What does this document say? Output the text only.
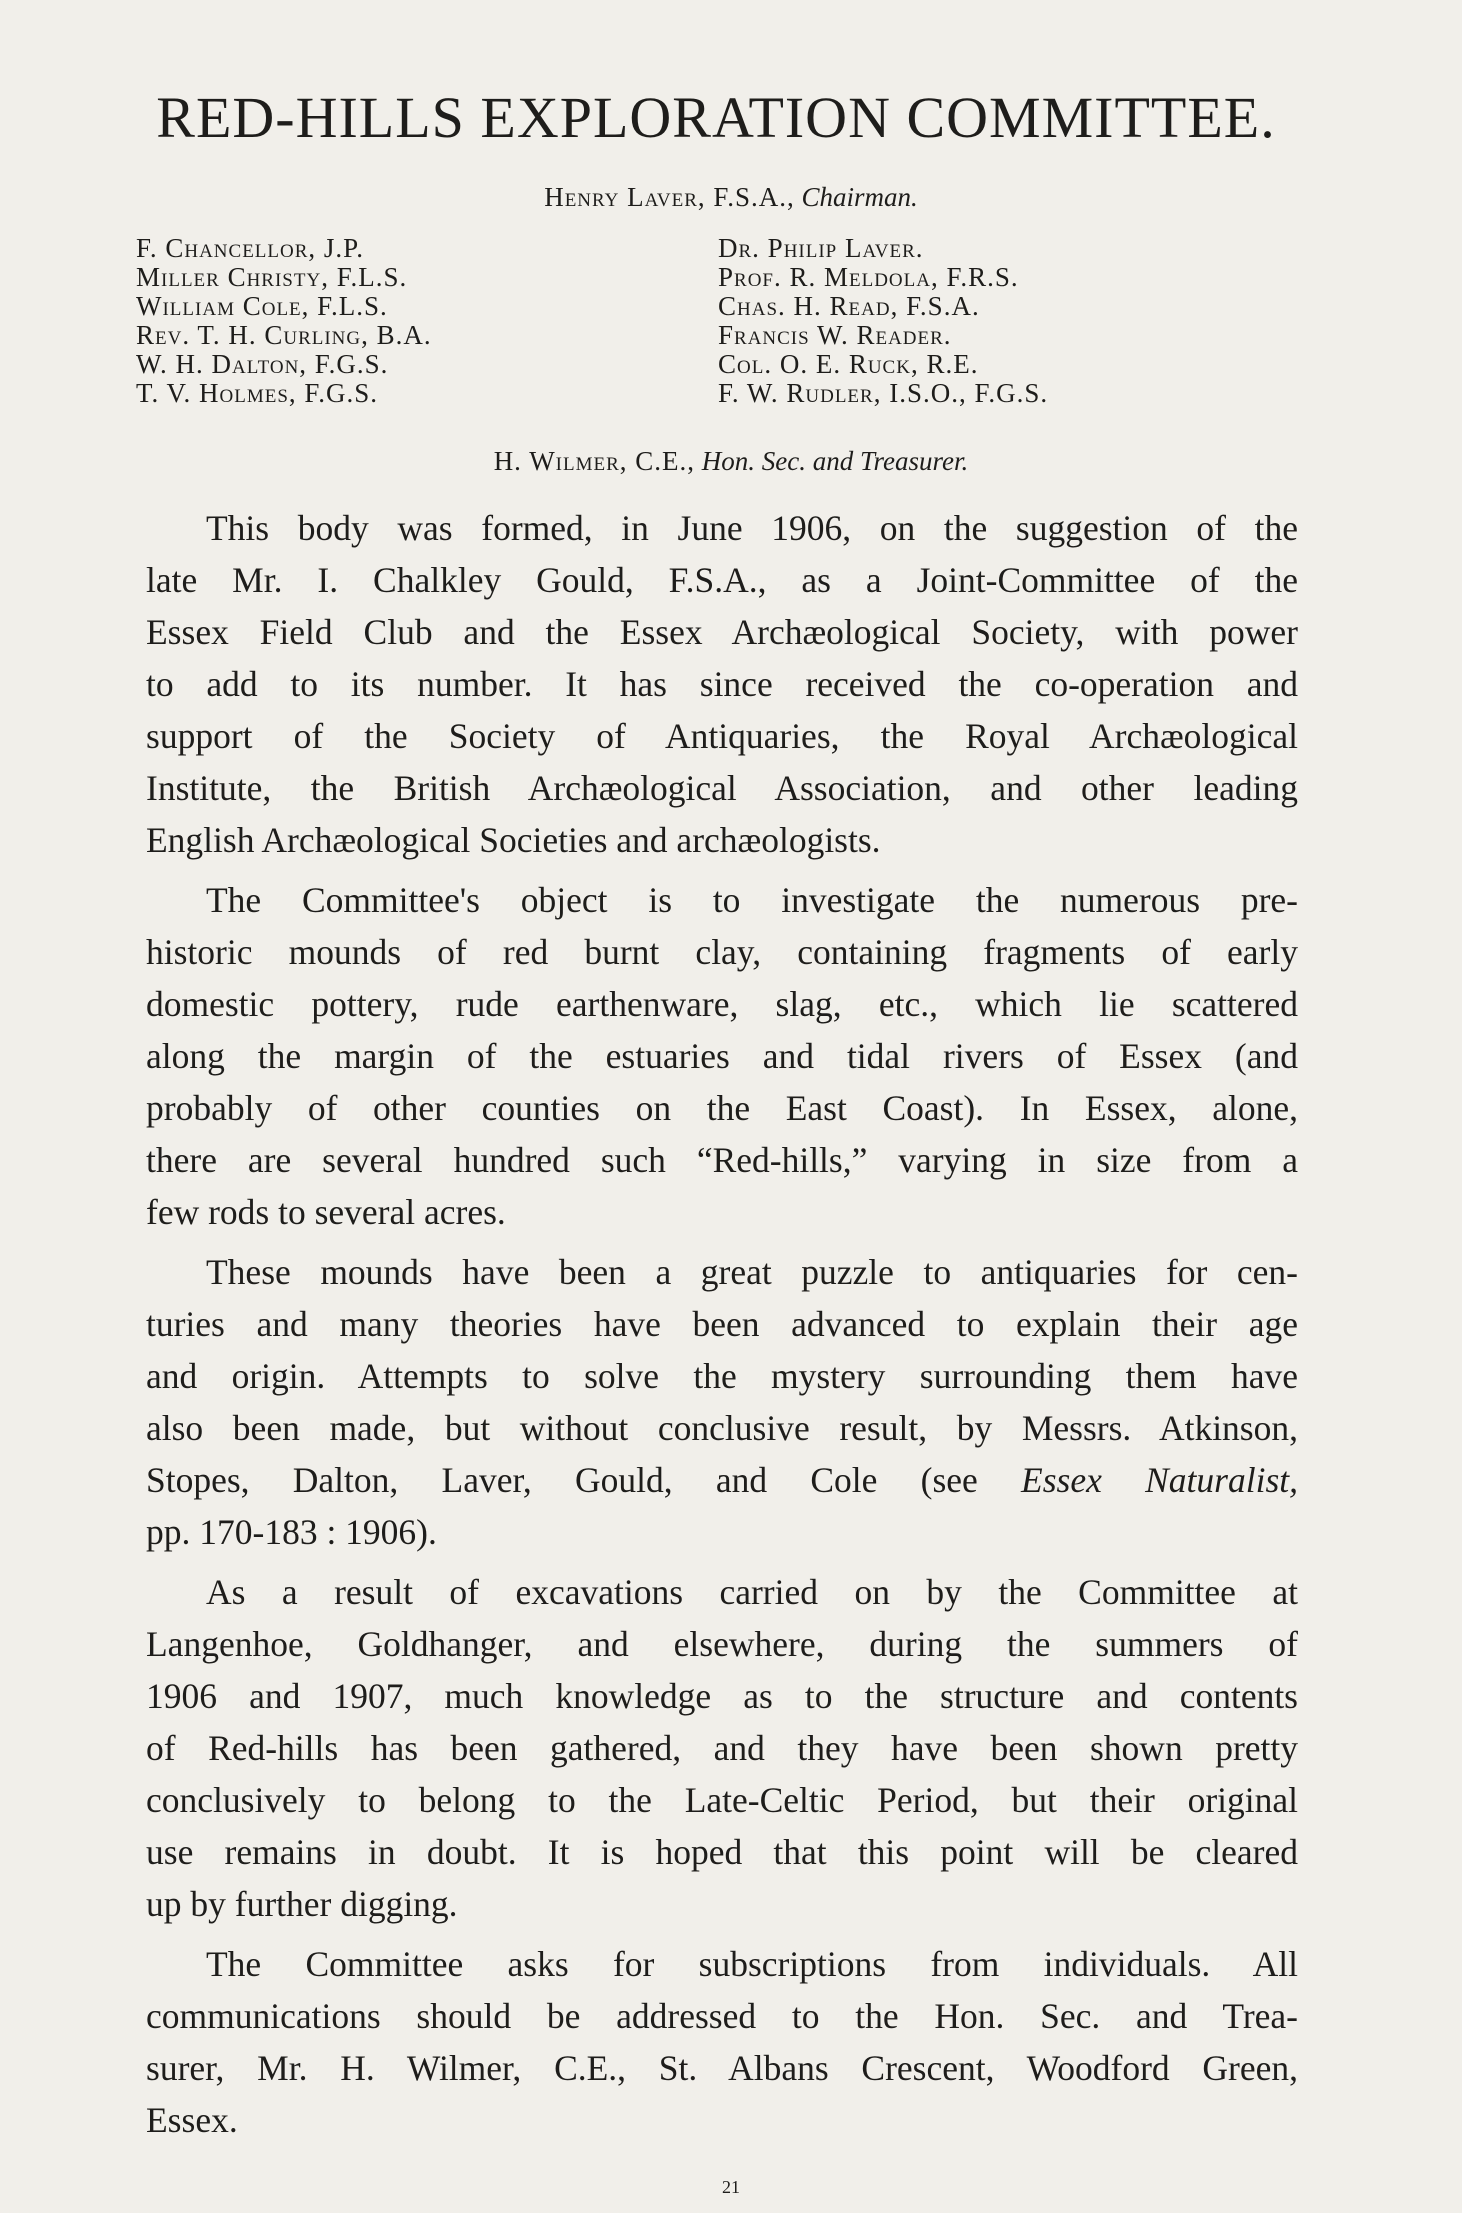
RED-HILLS EXPLORATION COMMITTEE.
Henry Laver, F.S.A., Chairman.
F. Chancellor, J.P.
Miller Christy, F.L.S.
William Cole, F.L.S.
Rev. T. H. Curling, B.A.
W. H. Dalton, F.G.S.
T. V. Holmes, F.G.S.
Dr. Philip Laver.
Prof. R. Meldola, F.R.S.
Chas. H. Read, F.S.A.
Francis W. Reader.
Col. O. E. Ruck, R.E.
F. W. Rudler, I.S.O., F.G.S.
H. Wilmer, C.E., Hon. Sec. and Treasurer.
This body was formed, in June 1906, on the suggestion of the
late Mr. I. Chalkley Gould, F.S.A., as a Joint-Committee of the
Essex Field Club and the Essex Archæological Society, with power
to add to its number. It has since received the co-operation and
support of the Society of Antiquaries, the Royal Archæological
Institute, the British Archæological Association, and other leading
English Archæological Societies and archæologists.
The Committee's object is to investigate the numerous pre-
historic mounds of red burnt clay, containing fragments of early
domestic pottery, rude earthenware, slag, etc., which lie scattered
along the margin of the estuaries and tidal rivers of Essex (and
probably of other counties on the East Coast). In Essex, alone,
there are several hundred such “Red-hills,” varying in size from a
few rods to several acres.
These mounds have been a great puzzle to antiquaries for cen-
turies and many theories have been advanced to explain their age
and origin. Attempts to solve the mystery surrounding them have
also been made, but without conclusive result, by Messrs. Atkinson,
Stopes, Dalton, Laver, Gould, and Cole (see Essex Naturalist,
pp. 170-183 : 1906).
As a result of excavations carried on by the Committee at
Langenhoe, Goldhanger, and elsewhere, during the summers of
1906 and 1907, much knowledge as to the structure and contents
of Red-hills has been gathered, and they have been shown pretty
conclusively to belong to the Late-Celtic Period, but their original
use remains in doubt. It is hoped that this point will be cleared
up by further digging.
The Committee asks for subscriptions from individuals. All
communications should be addressed to the Hon. Sec. and Trea-
surer, Mr. H. Wilmer, C.E., St. Albans Crescent, Woodford Green,
Essex.
21
